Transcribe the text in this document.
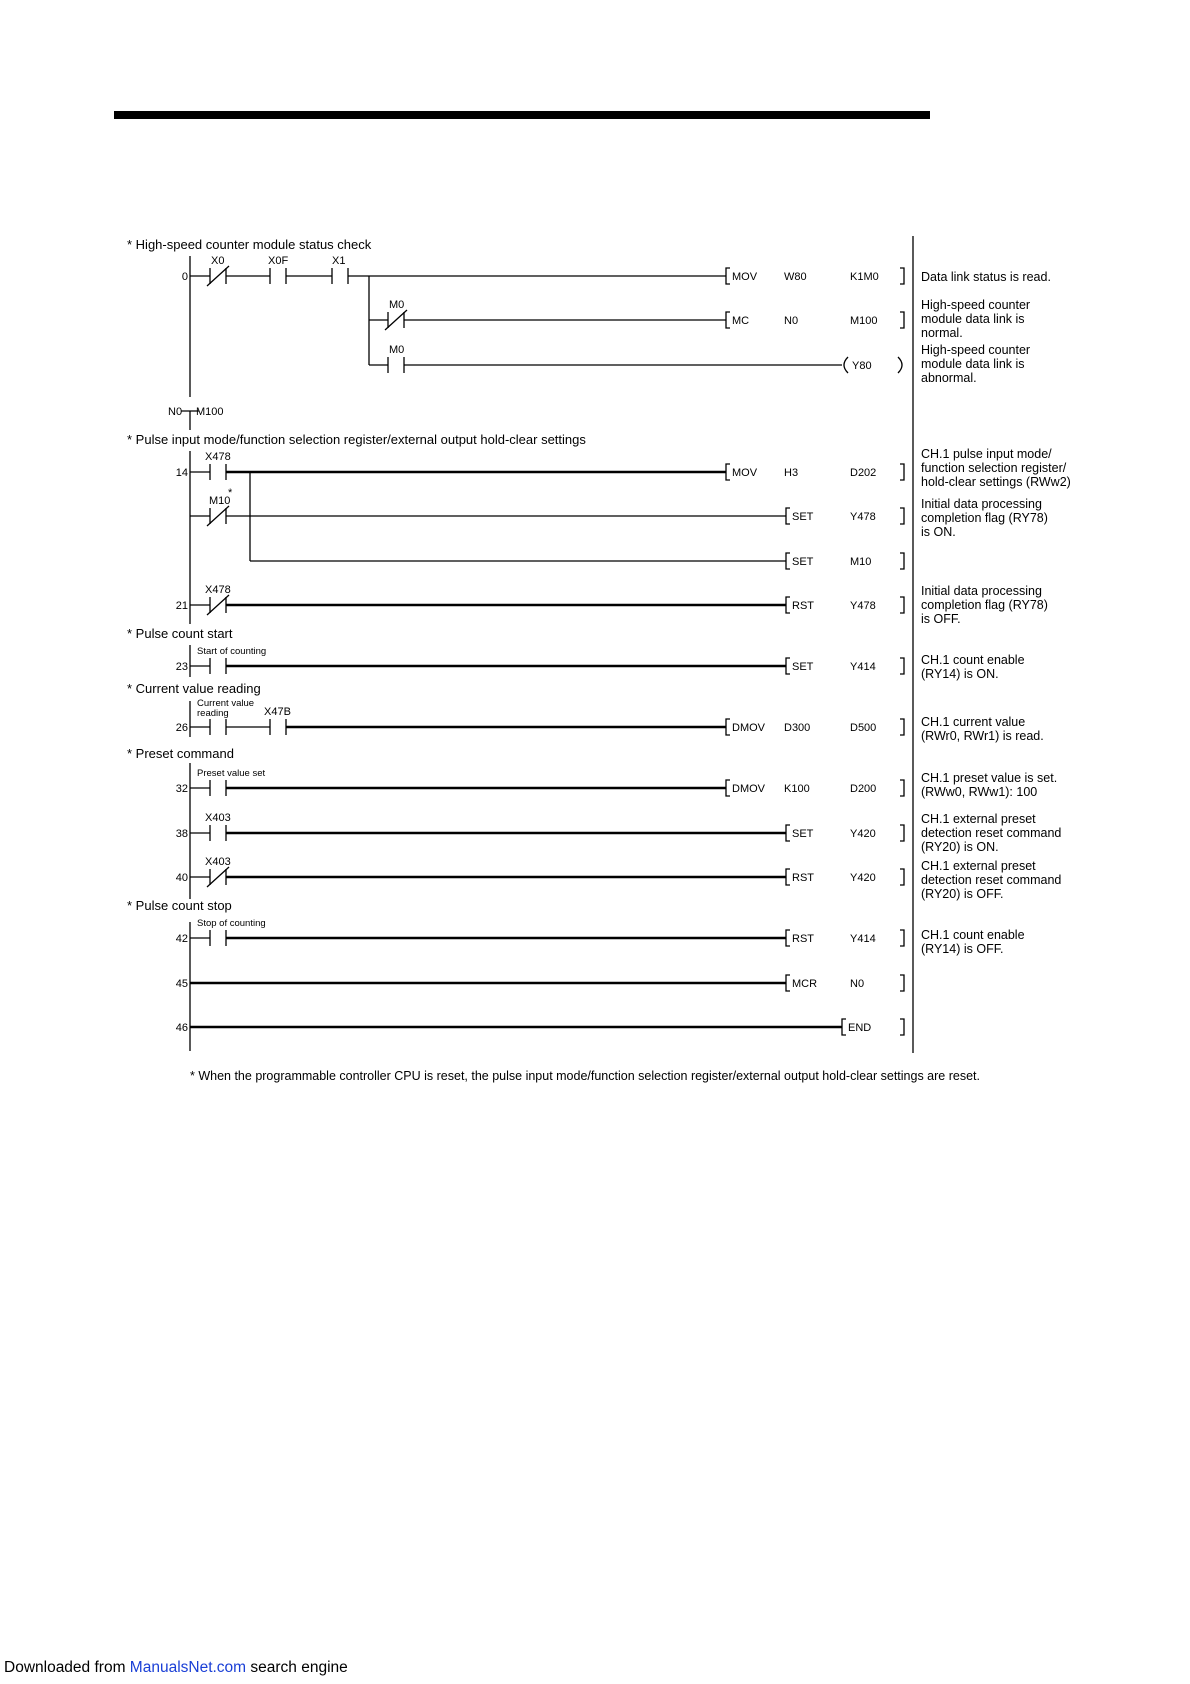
* High-speed counter module status check
* Pulse input mode/function selection register/external output hold-clear settings
* Pulse count start
* Current value reading
* Preset command
* Pulse count stop
0
14
21
23
26
32
38
40
42
45
46
X0	X0F	X1
M0
M0
X478
M10
*
X478
X47B
X403
X403
N0 M100
Start of counting
Current value
reading
Preset value set
Stop of counting
MOV W80	K1M0
MC	N0	M100
Y80
MOV H3	D202
SET	Y478
SET	M10
RST	Y478
SET	Y414
DMOV D300	D500
DMOV K100	D200
SET	Y420
RST	Y420
RST	Y414
MCR	N0
END
Data link status is read.
High-speed counter
module data link is
normal.
High-speed counter
module data link is
abnormal.
CH.1 pulse input mode/
function selection register/
hold-clear settings (RWw2)
Initial data processing
completion flag (RY78)
is ON.
Initial data processing
completion flag (RY78)
is OFF.
CH.1 count enable
(RY14) is ON.
CH.1 current value
(RWr0, RWr1) is read.
CH.1 preset value is set.
(RWw0, RWw1): 100
CH.1 external preset
detection reset command
(RY20) is ON.
CH.1 external preset
detection reset command
(RY20) is OFF.
CH.1 count enable
(RY14) is OFF.
* When the programmable controller CPU is reset, the pulse input mode/function selection register/external output hold-clear settings are reset.
Downloaded from ManualsNet.com search engine
